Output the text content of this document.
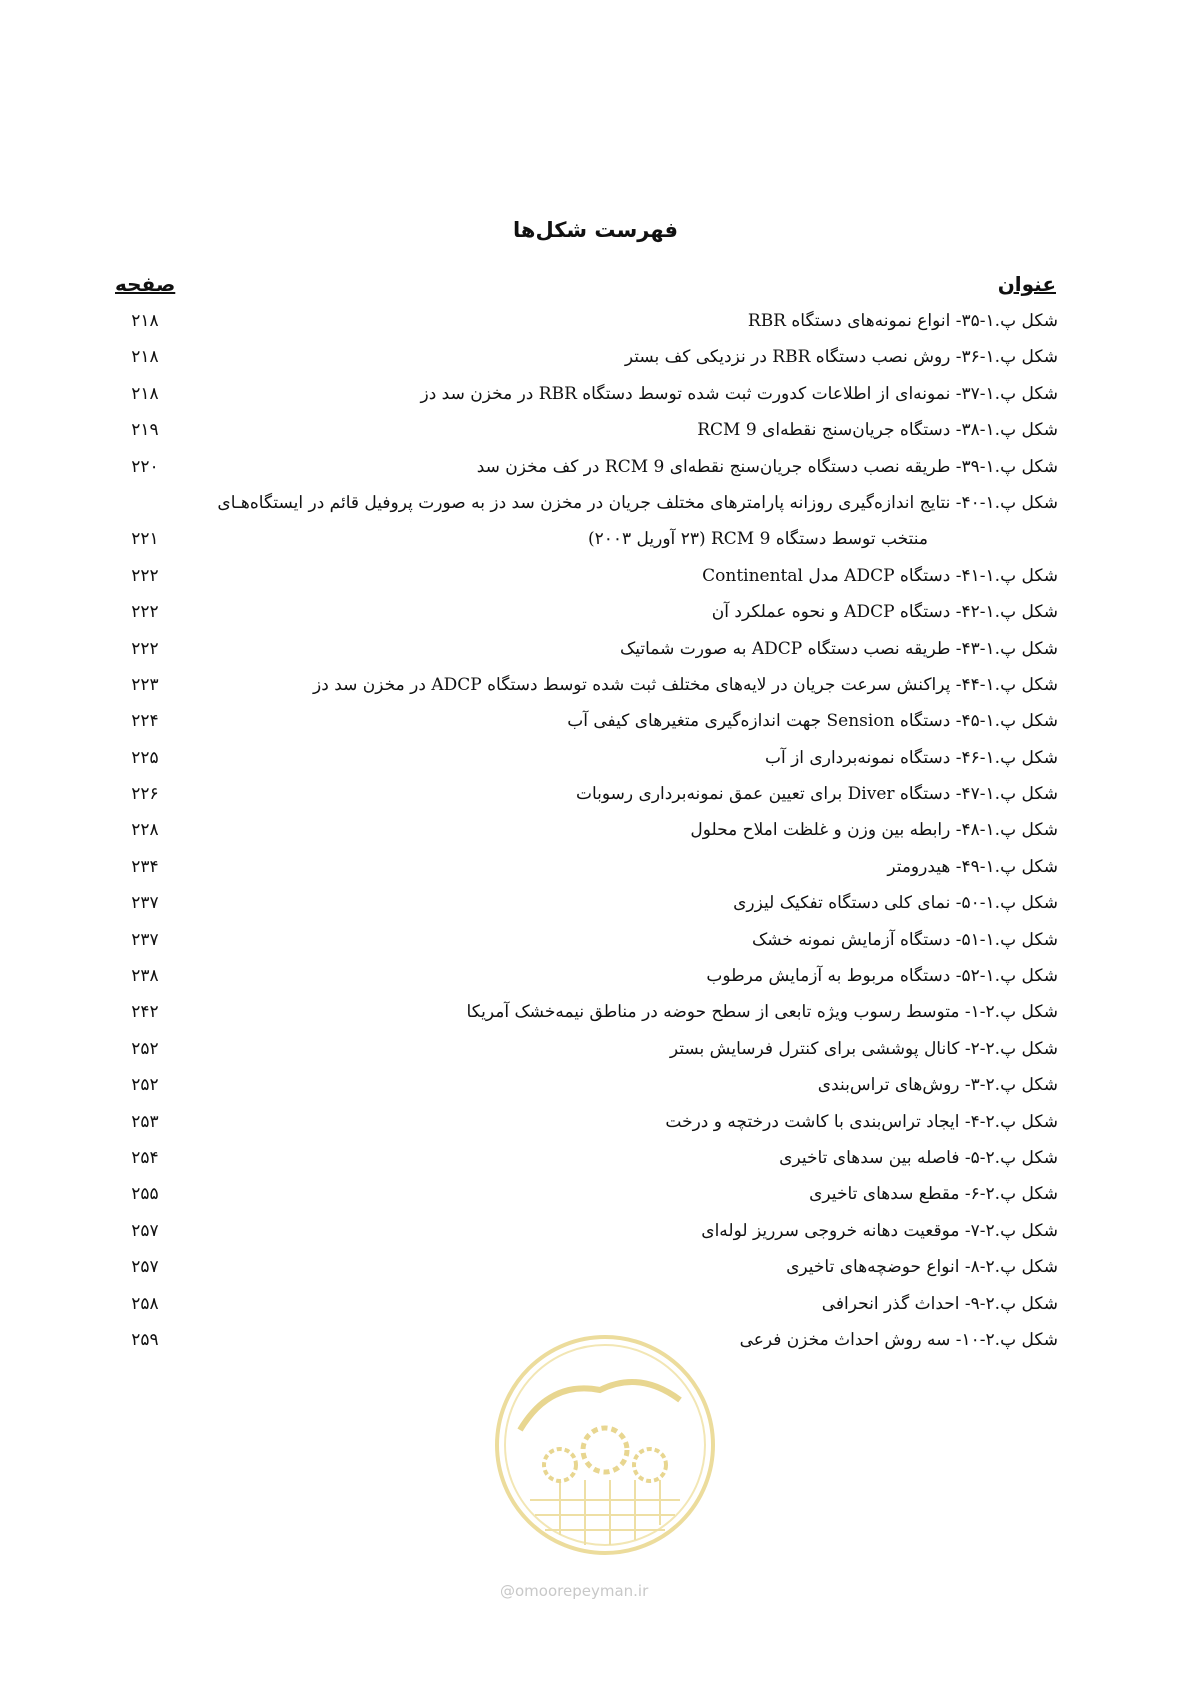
فهرست شکل‌ها
عنوان
صفحه
شکل پ.۱-۳۵- انواع نمونه‌های دستگاه RBR
۲۱۸
شکل پ.۱-۳۶- روش نصب دستگاه RBR در نزدیکی کف بستر
۲۱۸
شکل پ.۱-۳۷- نمونه‌ای از اطلاعات کدورت ثبت شده توسط دستگاه RBR در مخزن سد دز
۲۱۸
شکل پ.۱-۳۸- دستگاه جریان‌سنج نقطه‌ای RCM 9
۲۱۹
شکل پ.۱-۳۹- طریقه نصب دستگاه جریان‌سنج نقطه‌ای RCM 9 در کف مخزن سد
۲۲۰
شکل پ.۱-۴۰- نتایج اندازه‌گیری روزانه پارامترهای مختلف جریان در مخزن سد دز به صورت پروفیل قائم در ایستگاه‌هـای
منتخب توسط دستگاه RCM 9 (۲۳ آوریل ۲۰۰۳)
۲۲۱
شکل پ.۱-۴۱- دستگاه ADCP مدل Continental
۲۲۲
شکل پ.۱-۴۲- دستگاه ADCP و نحوه عملکرد آن
۲۲۲
شکل پ.۱-۴۳- طریقه نصب دستگاه ADCP به صورت شماتیک
۲۲۲
شکل پ.۱-۴۴- پراکنش سرعت جریان در لایه‌های مختلف ثبت شده توسط دستگاه ADCP در مخزن سد دز
۲۲۳
شکل پ.۱-۴۵- دستگاه Sension جهت اندازه‌گیری متغیرهای کیفی آب
۲۲۴
شکل پ.۱-۴۶- دستگاه نمونه‌برداری از آب
۲۲۵
شکل پ.۱-۴۷- دستگاه Diver برای تعیین عمق نمونه‌برداری رسوبات
۲۲۶
شکل پ.۱-۴۸- رابطه بین وزن و غلظت املاح محلول
۲۲۸
شکل پ.۱-۴۹- هیدرومتر
۲۳۴
شکل پ.۱-۵۰- نمای کلی دستگاه تفکیک لیزری
۲۳۷
شکل پ.۱-۵۱- دستگاه آزمایش نمونه خشک
۲۳۷
شکل پ.۱-۵۲- دستگاه مربوط به آزمایش مرطوب
۲۳۸
شکل پ.۲-۱- متوسط رسوب ویژه تابعی از سطح حوضه در مناطق نیمه‌خشک آمریکا
۲۴۲
شکل پ.۲-۲- کانال پوششی برای کنترل فرسایش بستر
۲۵۲
شکل پ.۲-۳- روش‌های تراس‌بندی
۲۵۲
شکل پ.۲-۴- ایجاد تراس‌بندی با کاشت درختچه و درخت
۲۵۳
شکل پ.۲-۵- فاصله بین سدهای تاخیری
۲۵۴
شکل پ.۲-۶- مقطع سدهای تاخیری
۲۵۵
شکل پ.۲-۷- موقعیت دهانه خروجی سرریز لوله‌ای
۲۵۷
شکل پ.۲-۸- انواع حوضچه‌های تاخیری
۲۵۷
شکل پ.۲-۹- احداث گذر انحرافی
۲۵۸
شکل پ.۲-۱۰- سه روش احداث مخزن فرعی
۲۵۹
@omoorepeyman.ir
